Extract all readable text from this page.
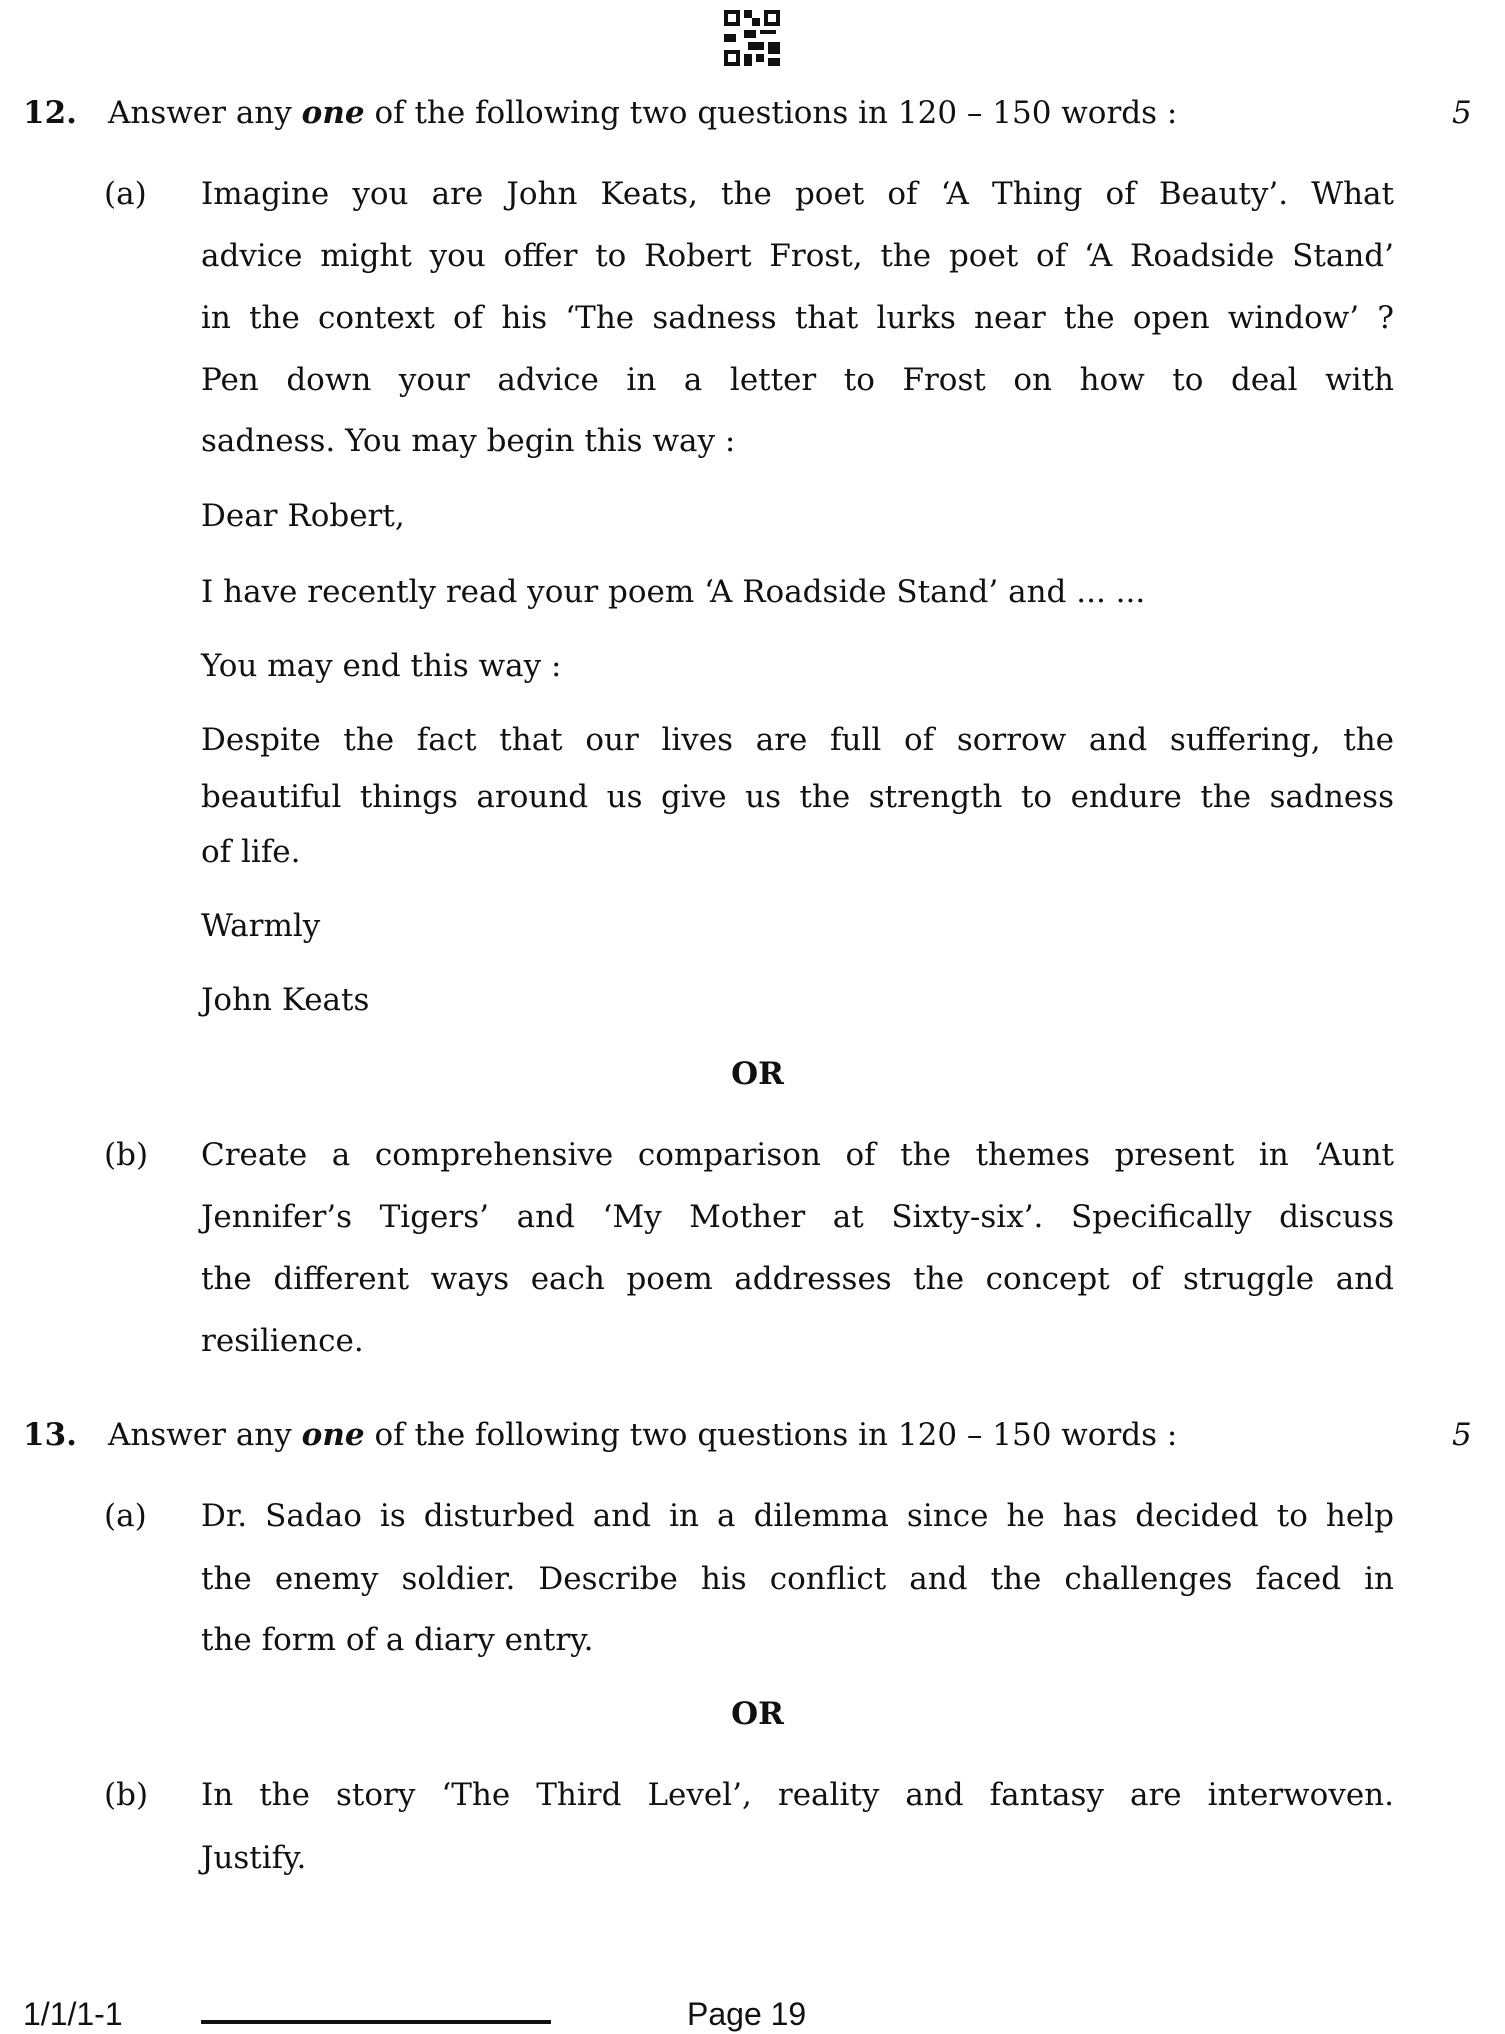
12. Answer any one of the following two questions in 120 – 150 words :	5
(a) Imagine you are John Keats, the poet of ‘A Thing of Beauty’. What
advice might you offer to Robert Frost, the poet of ‘A Roadside Stand’
in the context of his ‘The sadness that lurks near the open window’ ?
Pen down your advice in a letter to Frost on how to deal with
sadness. You may begin this way :
Dear Robert,
I have recently read your poem ‘A Roadside Stand’ and ... ...
You may end this way :
Despite the fact that our lives are full of sorrow and suffering, the
beautiful things around us give us the strength to endure the sadness
of life.
Warmly
John Keats
OR
(b) Create a comprehensive comparison of the themes present in ‘Aunt
Jennifer’s Tigers’ and ‘My Mother at Sixty-six’. Specifically discuss
the different ways each poem addresses the concept of struggle and
resilience.
13. Answer any one of the following two questions in 120 – 150 words :	5
(a) Dr. Sadao is disturbed and in a dilemma since he has decided to help
the enemy soldier. Describe his conflict and the challenges faced in
the form of a diary entry.
OR
(b) In the story ‘The Third Level’, reality and fantasy are interwoven.
Justify.
1/1/1-1	Page 19
